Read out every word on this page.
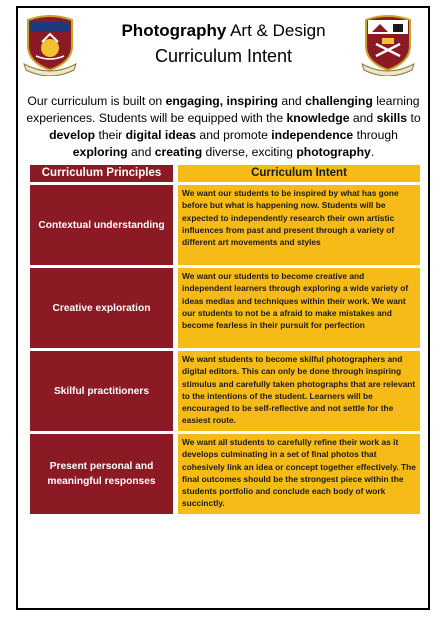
Photography Art & Design
Curriculum Intent
Our curriculum is built on engaging, inspiring and challenging learning experiences. Students will be equipped with the knowledge and skills to develop their digital ideas and promote independence through exploring and creating diverse, exciting photography.
Curriculum Principles	Curriculum Intent
Contextual understanding
We want our students to be inspired by what has gone before but what is happening now. Students will be expected to independently research their own artistic influences from past and present through a variety of different art movements and styles
Creative exploration
We want our students to become creative and independent learners through exploring a wide variety of ideas medias and techniques within their work. We want our students to not be a afraid to make mistakes and become fearless in their pursuit for perfection
Skilful practitioners
We want students to become skilful photographers and digital editors. This can only be done through inspiring stimulus and carefully taken photographs that are relevant to the intentions of the student. Learners will be encouraged to be self-reflective and not settle for the easiest route.
Present personal and meaningful responses
We want all students to carefully refine their work as it develops culminating in a set of final photos that cohesively link an idea or concept together effectively. The final outcomes should be the strongest piece within the students portfolio and conclude each body of work succinctly.
